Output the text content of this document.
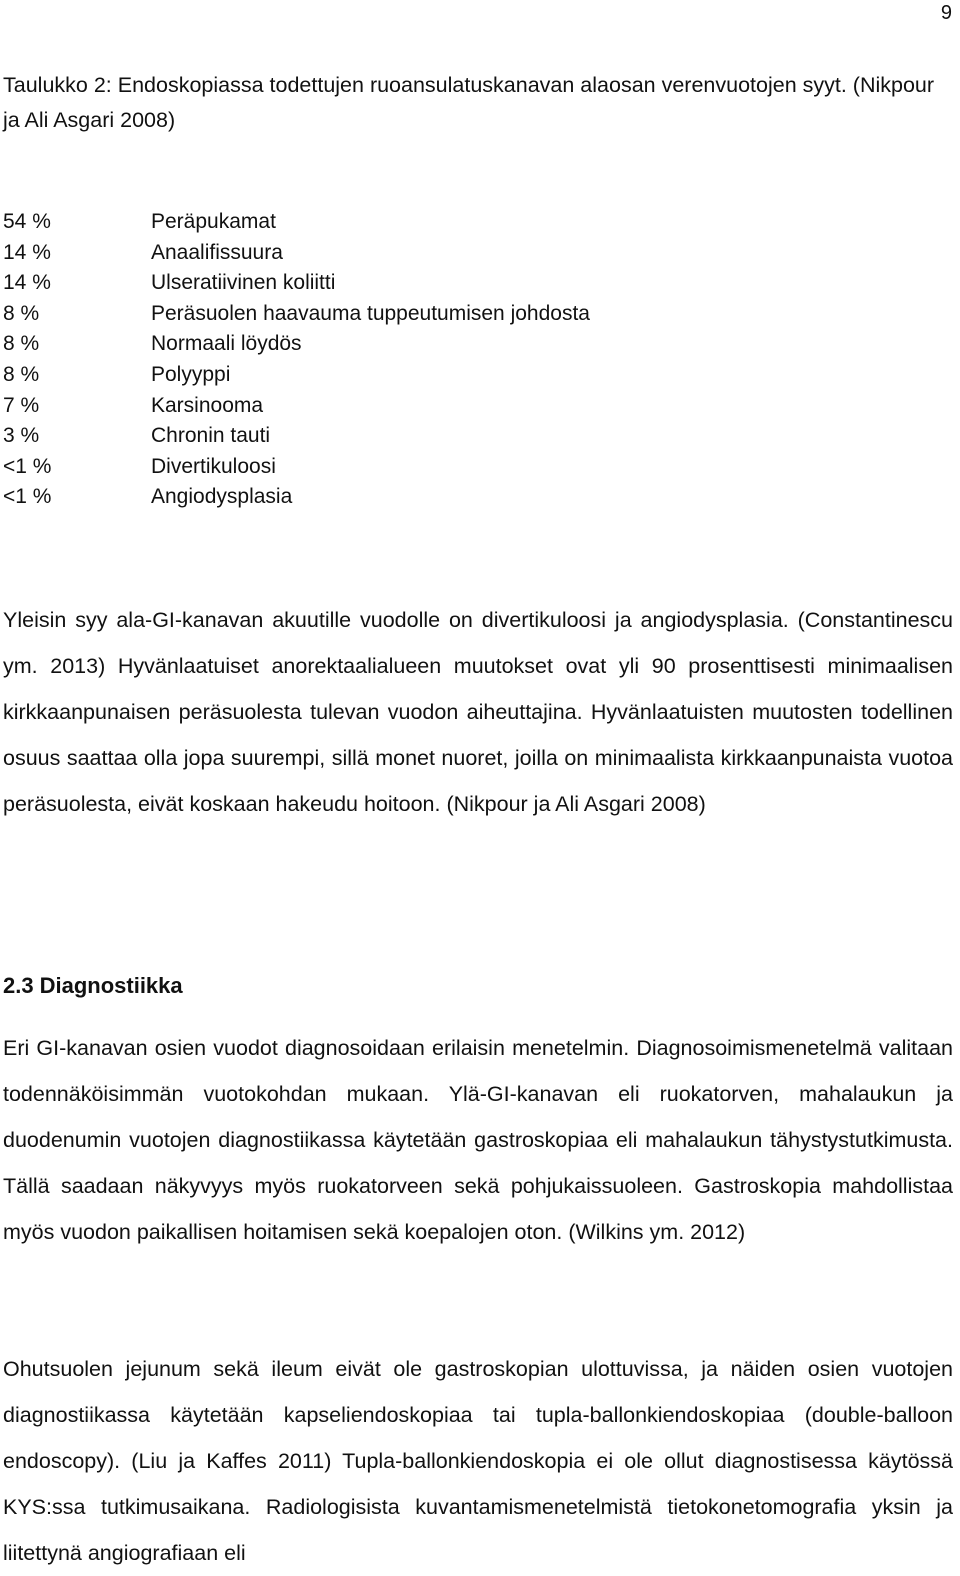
9
Taulukko 2: Endoskopiassa todettujen ruoansulatuskanavan alaosan verenvuotojen syyt. (Nikpour ja Ali Asgari 2008)
54 %	Peräpukamat
14 %	Anaalifissuura
14 %	Ulseratiivinen koliitti
8 %	Peräsuolen haavauma tuppeutumisen johdosta
8 %	Normaali löydös
8 %	Polyyppi
7 %	Karsinooma
3 %	Chronin tauti
<1 %	Divertikuloosi
<1 %	Angiodysplasia

Yleisin syy ala-GI-kanavan akuutille vuodolle on divertikuloosi ja angiodysplasia. (Constantinescu ym. 2013) Hyvänlaatuiset anorektaalialueen muutokset ovat yli 90 prosenttisesti minimaalisen kirkkaanpunaisen peräsuolesta tulevan vuodon aiheuttajina. Hyvänlaatuisten muutosten todellinen osuus saattaa olla jopa suurempi, sillä monet nuoret, joilla on minimaalista kirkkaanpunaista vuotoa peräsuolesta, eivät koskaan hakeudu hoitoon. (Nikpour ja Ali Asgari 2008)

2.3 Diagnostiikka

Eri GI-kanavan osien vuodot diagnosoidaan erilaisin menetelmin. Diagnosoimismenetelmä valitaan todennäköisimmän vuotokohdan mukaan. Ylä-GI-kanavan eli ruokatorven, mahalaukun ja duodenumin vuotojen diagnostiikassa käytetään gastroskopiaa eli mahalaukun tähystystutkimusta. Tällä saadaan näkyvyys myös ruokatorveen sekä pohjukaissuoleen. Gastroskopia mahdollistaa myös vuodon paikallisen hoitamisen sekä koepalojen oton. (Wilkins ym. 2012)

Ohutsuolen jejunum sekä ileum eivät ole gastroskopian ulottuvissa, ja näiden osien vuotojen diagnostiikassa käytetään kapseliendoskopiaa tai tupla-ballonkiendoskopiaa (double-balloon endoscopy). (Liu ja Kaffes 2011) Tupla-ballonkiendoskopia ei ole ollut diagnostisessa käytössä KYS:ssa tutkimusaikana. Radiologisista kuvantamismenetelmistä tietokonetomografia yksin ja liitettynä angiografiaan eli
